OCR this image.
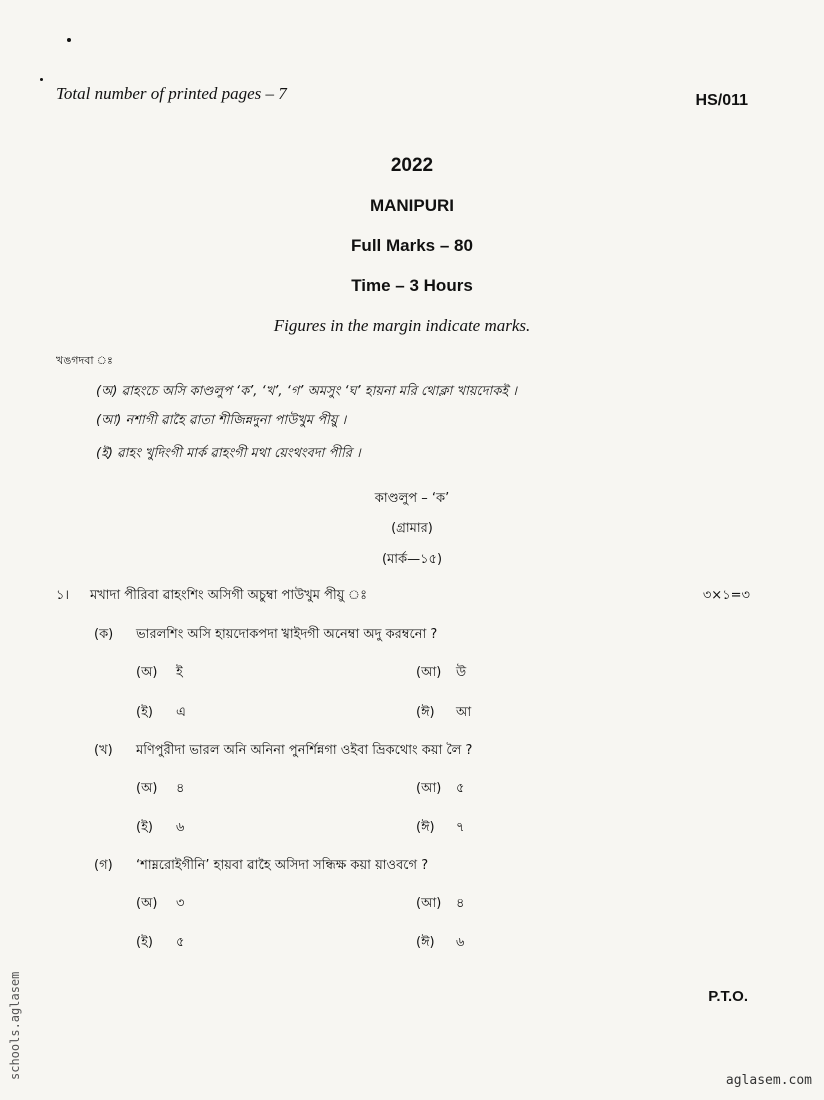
Total number of printed pages – 7	HS/011
2022
MANIPURI
Full Marks – 80
Time – 3 Hours
Figures in the margin indicate marks.
খঙগদবা ঃ
(অ) ৱাহংচে অসি কাণ্ডলুপ ‘ক’, ‘খ’, ‘গ’ অমসুং ‘ঘ’ হায়না মরি থোক্লা খায়দোকই ।
(আ) নশাগী ৱাহৈ ৱাতা শীজিন্নদুনা পাউখুম পীয়ু ।
(ই) ৱাহং খুদিংগী মার্ক ৱাহংগী মথা য়েংথংবদা পীরি ।
কাণ্ডলুপ – ‘ক’
(গ্রামার)
(মার্ক—১৫)
১। মখাদা পীরিবা ৱাহংশিং অসিগী অচুম্বা পাউখুম পীয়ু ঃ	৩×১=৩
(ক) ভারলশিং অসি হায়দোকপদা খ্বাইদগী অনেম্বা অদু করম্বনো ?
(অ) ই	(আ) উ
(ই) এ	(ঈ) আ
(খ) মণিপুরীদা ভারল অনি অনিনা পুনর্শিন্নগা ওইবা ভ্রিকথোং কয়া লৈ ?
(অ) ৪	(আ) ৫
(ই) ৬	(ঈ) ৭
(গ) ‘শাম্নরোইগীনি’ হায়বা ৱাহৈ অসিদা সন্ধিক্ষ কয়া য়াওবগে ?
(অ) ৩	(আ) ৪
(ই) ৫	(ঈ) ৬
P.T.O.
schools.aglasem
aglasem.com
